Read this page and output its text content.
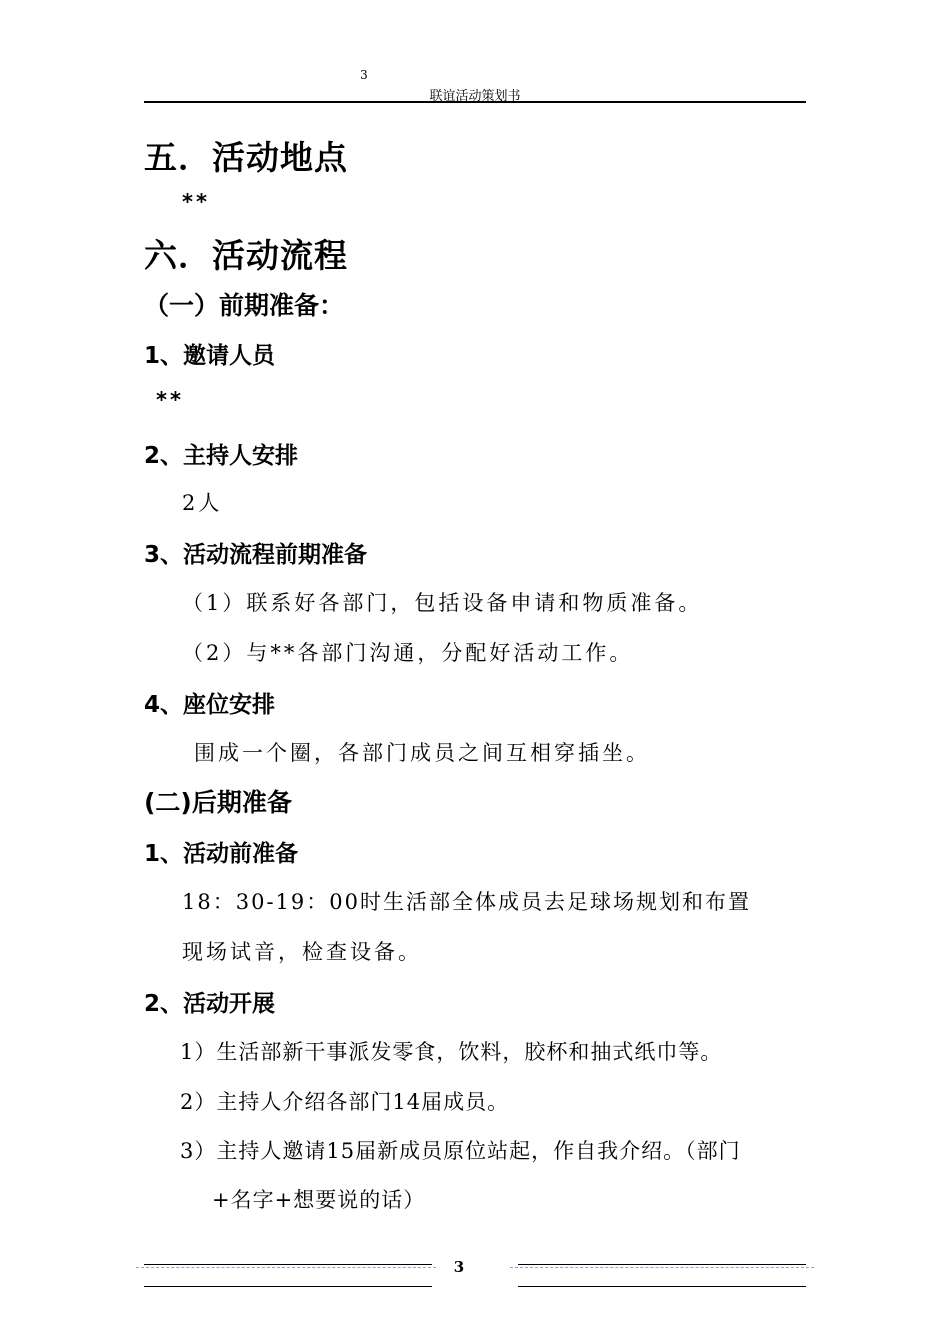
3
联谊活动策划书
五．活动地点
**
六．活动流程
（一）前期准备：
1、邀请人员
**
2、主持人安排
2人
3、活动流程前期准备
（1）联系好各部门，包括设备申请和物质准备。
（2）与**各部门沟通，分配好活动工作。
4、座位安排
围成一个圈，各部门成员之间互相穿插坐。
(二)后期准备
1、活动前准备
18：30-19：00时生活部全体成员去足球场规划和布置
现场试音，检查设备。
2、活动开展
1）生活部新干事派发零食，饮料，胶杯和抽式纸巾等。
2）主持人介绍各部门14届成员。
3）主持人邀请15届新成员原位站起，作自我介绍。（部门
+名字+想要说的话）
3
